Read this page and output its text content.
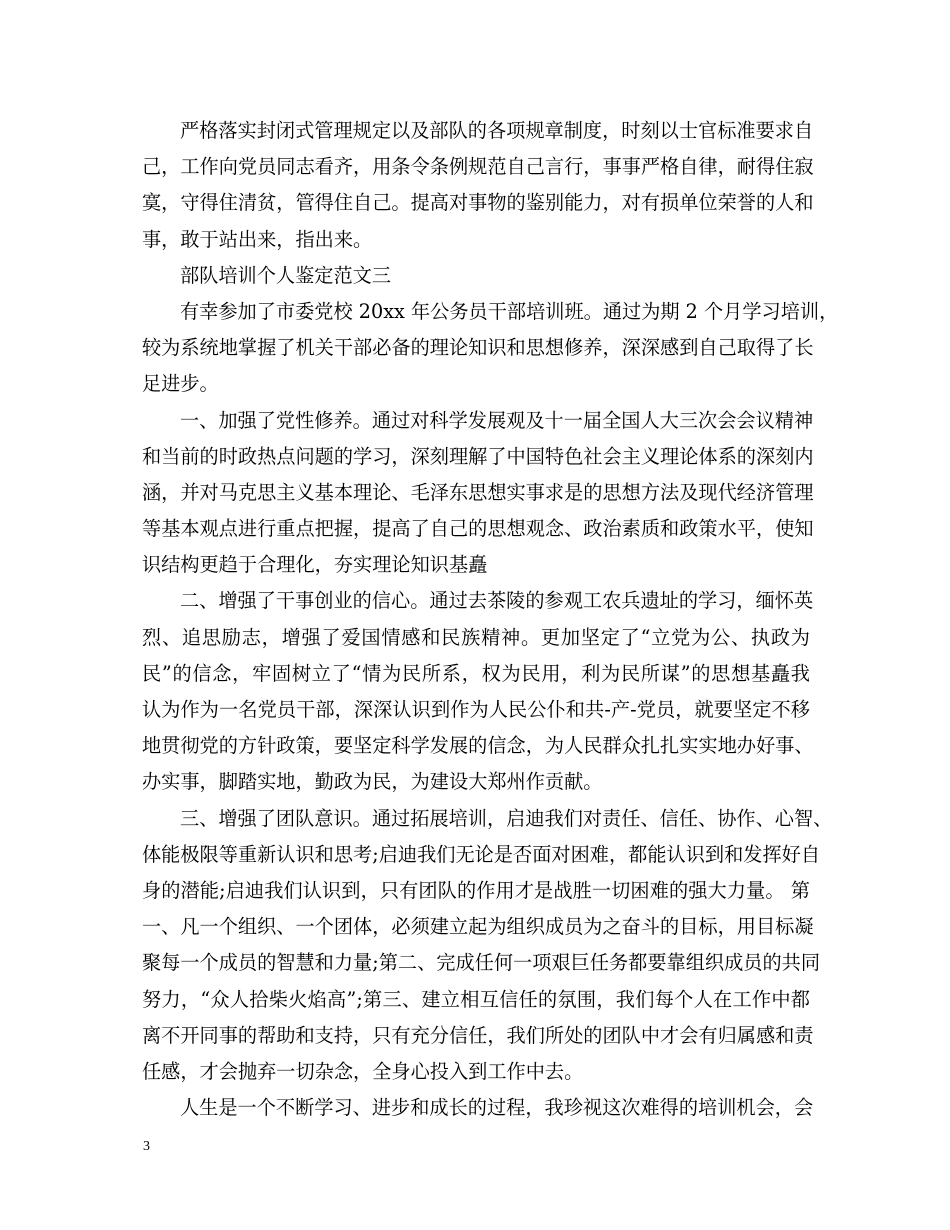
严格落实封闭式管理规定以及部队的各项规章制度，时刻以士官标准要求自
己，工作向党员同志看齐，用条令条例规范自己言行，事事严格自律，耐得住寂
寞，守得住清贫，管得住自己。提高对事物的鉴别能力，对有损单位荣誉的人和
事，敢于站出来，指出来。
部队培训个人鉴定范文三
有幸参加了市委党校 20xx 年公务员干部培训班。通过为期 2 个月学习培训，
较为系统地掌握了机关干部必备的理论知识和思想修养，深深感到自己取得了长
足进步。
一、加强了党性修养。通过对科学发展观及十一届全国人大三次会会议精神
和当前的时政热点问题的学习，深刻理解了中国特色社会主义理论体系的深刻内
涵，并对马克思主义基本理论、毛泽东思想实事求是的思想方法及现代经济管理
等基本观点进行重点把握，提高了自己的思想观念、政治素质和政策水平，使知
识结构更趋于合理化，夯实理论知识基矗
二、增强了干事创业的信心。通过去茶陵的参观工农兵遗址的学习，缅怀英
烈、追思励志，增强了爱国情感和民族精神。更加坚定了“立党为公、执政为
民”的信念，牢固树立了“情为民所系，权为民用，利为民所谋”的思想基矗我
认为作为一名党员干部，深深认识到作为人民公仆和共-产-党员，就要坚定不移
地贯彻党的方针政策，要坚定科学发展的信念，为人民群众扎扎实实地办好事、
办实事，脚踏实地，勤政为民，为建设大郑州作贡献。
三、增强了团队意识。通过拓展培训，启迪我们对责任、信任、协作、心智、
体能极限等重新认识和思考;启迪我们无论是否面对困难，都能认识到和发挥好自
身的潜能;启迪我们认识到，只有团队的作用才是战胜一切困难的强大力量。 第
一、凡一个组织、一个团体，必须建立起为组织成员为之奋斗的目标，用目标凝
聚每一个成员的智慧和力量;第二、完成任何一项艰巨任务都要靠组织成员的共同
努力，“众人拾柴火焰高”;第三、建立相互信任的氛围，我们每个人在工作中都
离不开同事的帮助和支持，只有充分信任，我们所处的团队中才会有归属感和责
任感，才会抛弃一切杂念，全身心投入到工作中去。
人生是一个不断学习、进步和成长的过程，我珍视这次难得的培训机会，会
3
